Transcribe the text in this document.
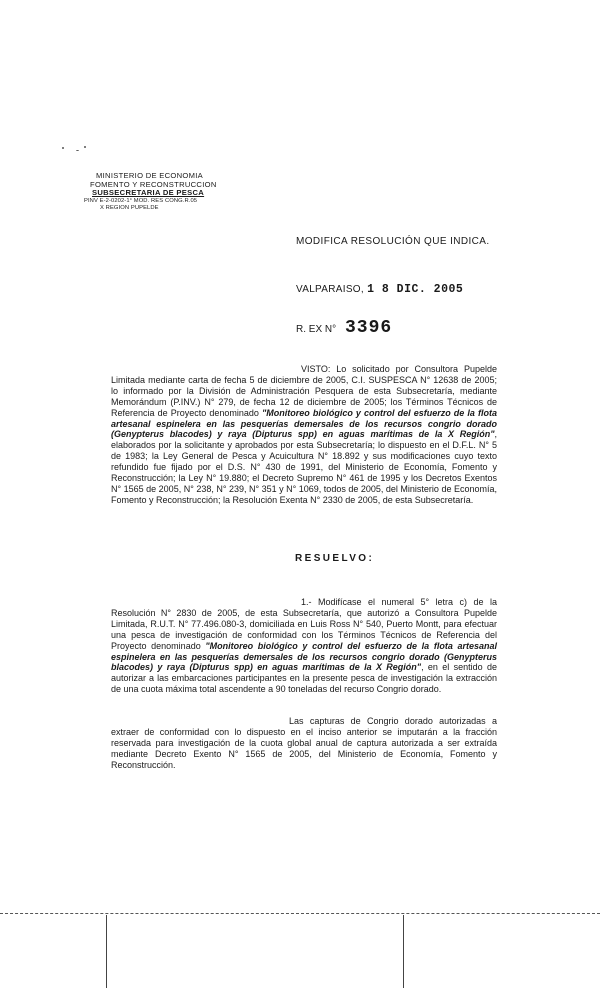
MINISTERIO DE ECONOMIA
FOMENTO Y RECONSTRUCCION
SUBSECRETARIA DE PESCA
PINV E-2-0202-1° MOD. RES CONG.R.05
X REGION PUPELDE
MODIFICA RESOLUCIÓN QUE INDICA.
VALPARAISO, 1 8 DIC. 2005
R. EX N° 3396
VISTO: Lo solicitado por Consultora Pupelde Limitada mediante carta de fecha 5 de diciembre de 2005, C.I. SUSPESCA N° 12638 de 2005; lo informado por la División de Administración Pesquera de esta Subsecretaría, mediante Memorándum (P.INV.) N° 279, de fecha 12 de diciembre de 2005; los Términos Técnicos de Referencia de Proyecto denominado "Monitoreo biológico y control del esfuerzo de la flota artesanal espinelera en las pesquerías demersales de los recursos congrio dorado (Genypterus blacodes) y raya (Dipturus spp) en aguas marítimas de la X Región", elaborados por la solicitante y aprobados por esta Subsecretaría; lo dispuesto en el D.F.L. N° 5 de 1983; la Ley General de Pesca y Acuicultura N° 18.892 y sus modificaciones cuyo texto refundido fue fijado por el D.S. N° 430 de 1991, del Ministerio de Economía, Fomento y Reconstrucción; la Ley N° 19.880; el Decreto Supremo N° 461 de 1995 y los Decretos Exentos N° 1565 de 2005, N° 238, N° 239, N° 351 y N° 1069, todos de 2005, del Ministerio de Economía, Fomento y Reconstrucción; la Resolución Exenta N° 2330 de 2005, de esta Subsecretaría.
RESUELVO:
1.- Modifícase el numeral 5° letra c) de la Resolución N° 2830 de 2005, de esta Subsecretaría, que autorizó a Consultora Pupelde Limitada, R.U.T. N° 77.496.080-3, domiciliada en Luis Ross N° 540, Puerto Montt, para efectuar una pesca de investigación de conformidad con los Términos Técnicos de Referencia del Proyecto denominado "Monitoreo biológico y control del esfuerzo de la flota artesanal espinelera en las pesquerías demersales de los recursos congrio dorado (Genypterus blacodes) y raya (Dipturus spp) en aguas marítimas de la X Región", en el sentido de autorizar a las embarcaciones participantes en la presente pesca de investigación la extracción de una cuota máxima total ascendente a 90 toneladas del recurso Congrio dorado.
Las capturas de Congrio dorado autorizadas a extraer de conformidad con lo dispuesto en el inciso anterior se imputarán a la fracción reservada para investigación de la cuota global anual de captura autorizada a ser extraída mediante Decreto Exento N° 1565 de 2005, del Ministerio de Economía, Fomento y Reconstrucción.
